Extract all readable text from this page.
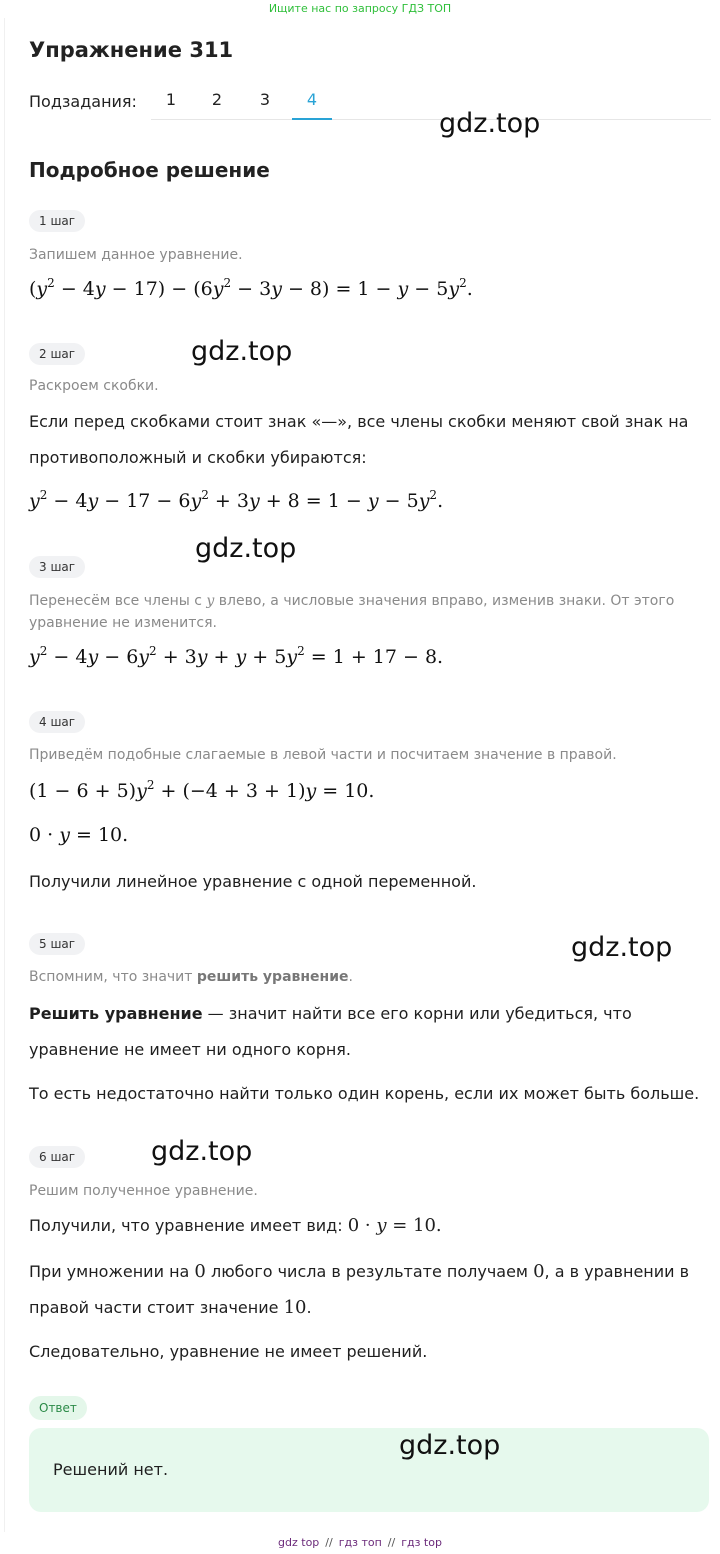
Ищите нас по запросу ГДЗ ТОП
Упражнение 311
Подзадания:	1	2	3	4
gdz.top
Подробное решение
1 шаг
Запишем данное уравнение.
$(y^2 - 4y - 17) - (6y^2 - 3y - 8) = 1 - y - 5y^2$.
2 шаг	gdz.top
Раскроем скобки.
Если перед скобками стоит знак «—», все члены скобки меняют свой знак на противоположный и скобки убираются:
$y^2 - 4y - 17 - 6y^2 + 3y + 8 = 1 - y - 5y^2$.
gdz.top
3 шаг
Перенесём все члены с y влево, а числовые значения вправо, изменив знаки. От этого уравнение не изменится.
$y^2 - 4y - 6y^2 + 3y + y + 5y^2 = 1 + 17 - 8$.
4 шаг
Приведём подобные слагаемые в левой части и посчитаем значение в правой.
$(1 - 6 + 5)y^2 + (-4 + 3 + 1)y = 10$.
0 · y = 10.
Получили линейное уравнение с одной переменной.
5 шаг	gdz.top
Вспомним, что значит решить уравнение.
Решить уравнение — значит найти все его корни или убедиться, что уравнение не имеет ни одного корня.
То есть недостаточно найти только один корень, если их может быть больше.
6 шаг	gdz.top
Решим полученное уравнение.
Получили, что уравнение имеет вид: 0 · y = 10.
При умножении на 0 любого числа в результате получаем 0, а в уравнении в правой части стоит значение 10.
Следовательно, уравнение не имеет решений.
Ответ
Решений нет.
gdz.top
gdz top // гдз топ // гдз top
